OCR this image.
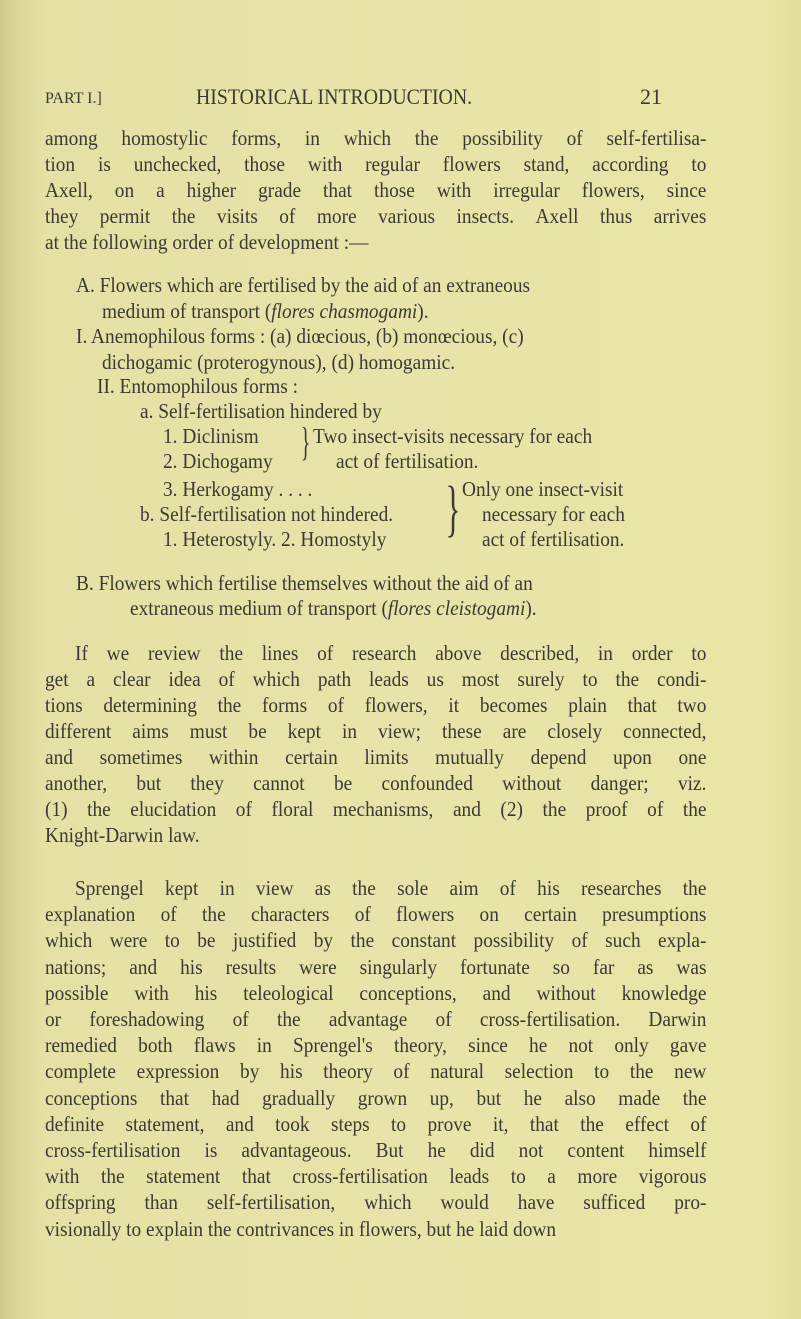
PART I.]	HISTORICAL INTRODUCTION.	21
among homostylic forms, in which the possibility of self-fertilisa-
tion is unchecked, those with regular flowers stand, according to
Axell, on a higher grade that those with irregular flowers, since
they permit the visits of more various insects. Axell thus arrives
at the following order of development :—
A. Flowers which are fertilised by the aid of an extraneous
medium of transport (flores chasmogami).
I. Anemophilous forms : (a) diœcious, (b) monœcious, (c)
dichogamic (proterogynous), (d) homogamic.
II. Entomophilous forms :
a. Self-fertilisation hindered by
1. Diclinism
2. Dichogamy } Two insect-visits necessary for each
act of fertilisation.
3. Herkogamy . . . .
b. Self-fertilisation not hindered.
1. Heterostyly. 2. Homostyly } Only one insect-visit
necessary for each
act of fertilisation.
B. Flowers which fertilise themselves without the aid of an
extraneous medium of transport (flores cleistogami).
If we review the lines of research above described, in order to
get a clear idea of which path leads us most surely to the condi-
tions determining the forms of flowers, it becomes plain that two
different aims must be kept in view; these are closely connected,
and sometimes within certain limits mutually depend upon one
another, but they cannot be confounded without danger; viz.
(1) the elucidation of floral mechanisms, and (2) the proof of the
Knight-Darwin law.
Sprengel kept in view as the sole aim of his researches the
explanation of the characters of flowers on certain presumptions
which were to be justified by the constant possibility of such expla-
nations; and his results were singularly fortunate so far as was
possible with his teleological conceptions, and without knowledge
or foreshadowing of the advantage of cross-fertilisation. Darwin
remedied both flaws in Sprengel's theory, since he not only gave
complete expression by his theory of natural selection to the new
conceptions that had gradually grown up, but he also made the
definite statement, and took steps to prove it, that the effect of
cross-fertilisation is advantageous. But he did not content himself
with the statement that cross-fertilisation leads to a more vigorous
offspring than self-fertilisation, which would have sufficed pro-
visionally to explain the contrivances in flowers, but he laid down
